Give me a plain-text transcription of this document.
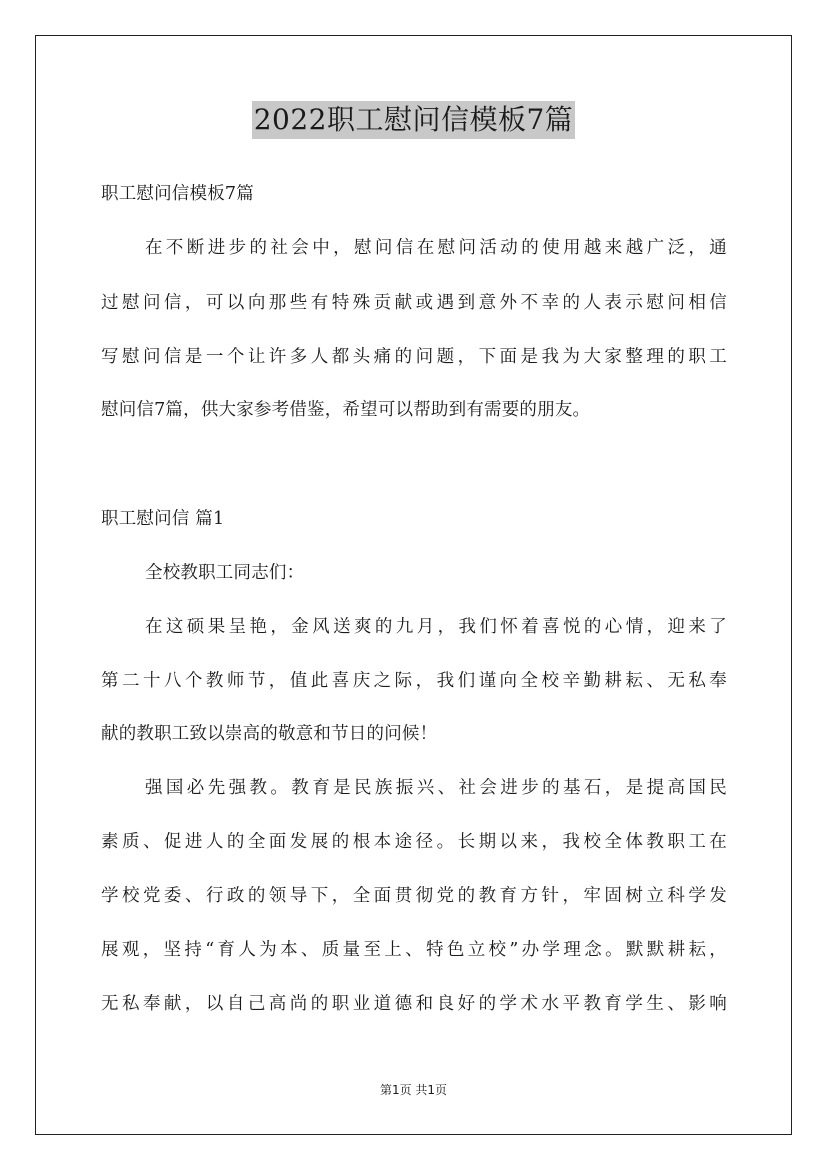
2022职工慰问信模板7篇
职工慰问信模板7篇
在不断进步的社会中，慰问信在慰问活动的使用越来越广泛，通
过慰问信，可以向那些有特殊贡献或遇到意外不幸的人表示慰问相信
写慰问信是一个让许多人都头痛的问题，下面是我为大家整理的职工
慰问信7篇，供大家参考借鉴，希望可以帮助到有需要的朋友。
职工慰问信 篇1
全校教职工同志们：
在这硕果呈艳，金风送爽的九月，我们怀着喜悦的心情，迎来了
第二十八个教师节，值此喜庆之际，我们谨向全校辛勤耕耘、无私奉
献的教职工致以崇高的敬意和节日的问候！
强国必先强教。教育是民族振兴、社会进步的基石，是提高国民
素质、促进人的全面发展的根本途径。长期以来，我校全体教职工在
学校党委、行政的领导下，全面贯彻党的教育方针，牢固树立科学发
展观，坚持“育人为本、质量至上、特色立校”办学理念。默默耕耘，
无私奉献，以自己高尚的职业道德和良好的学术水平教育学生、影响
第1页 共1页
